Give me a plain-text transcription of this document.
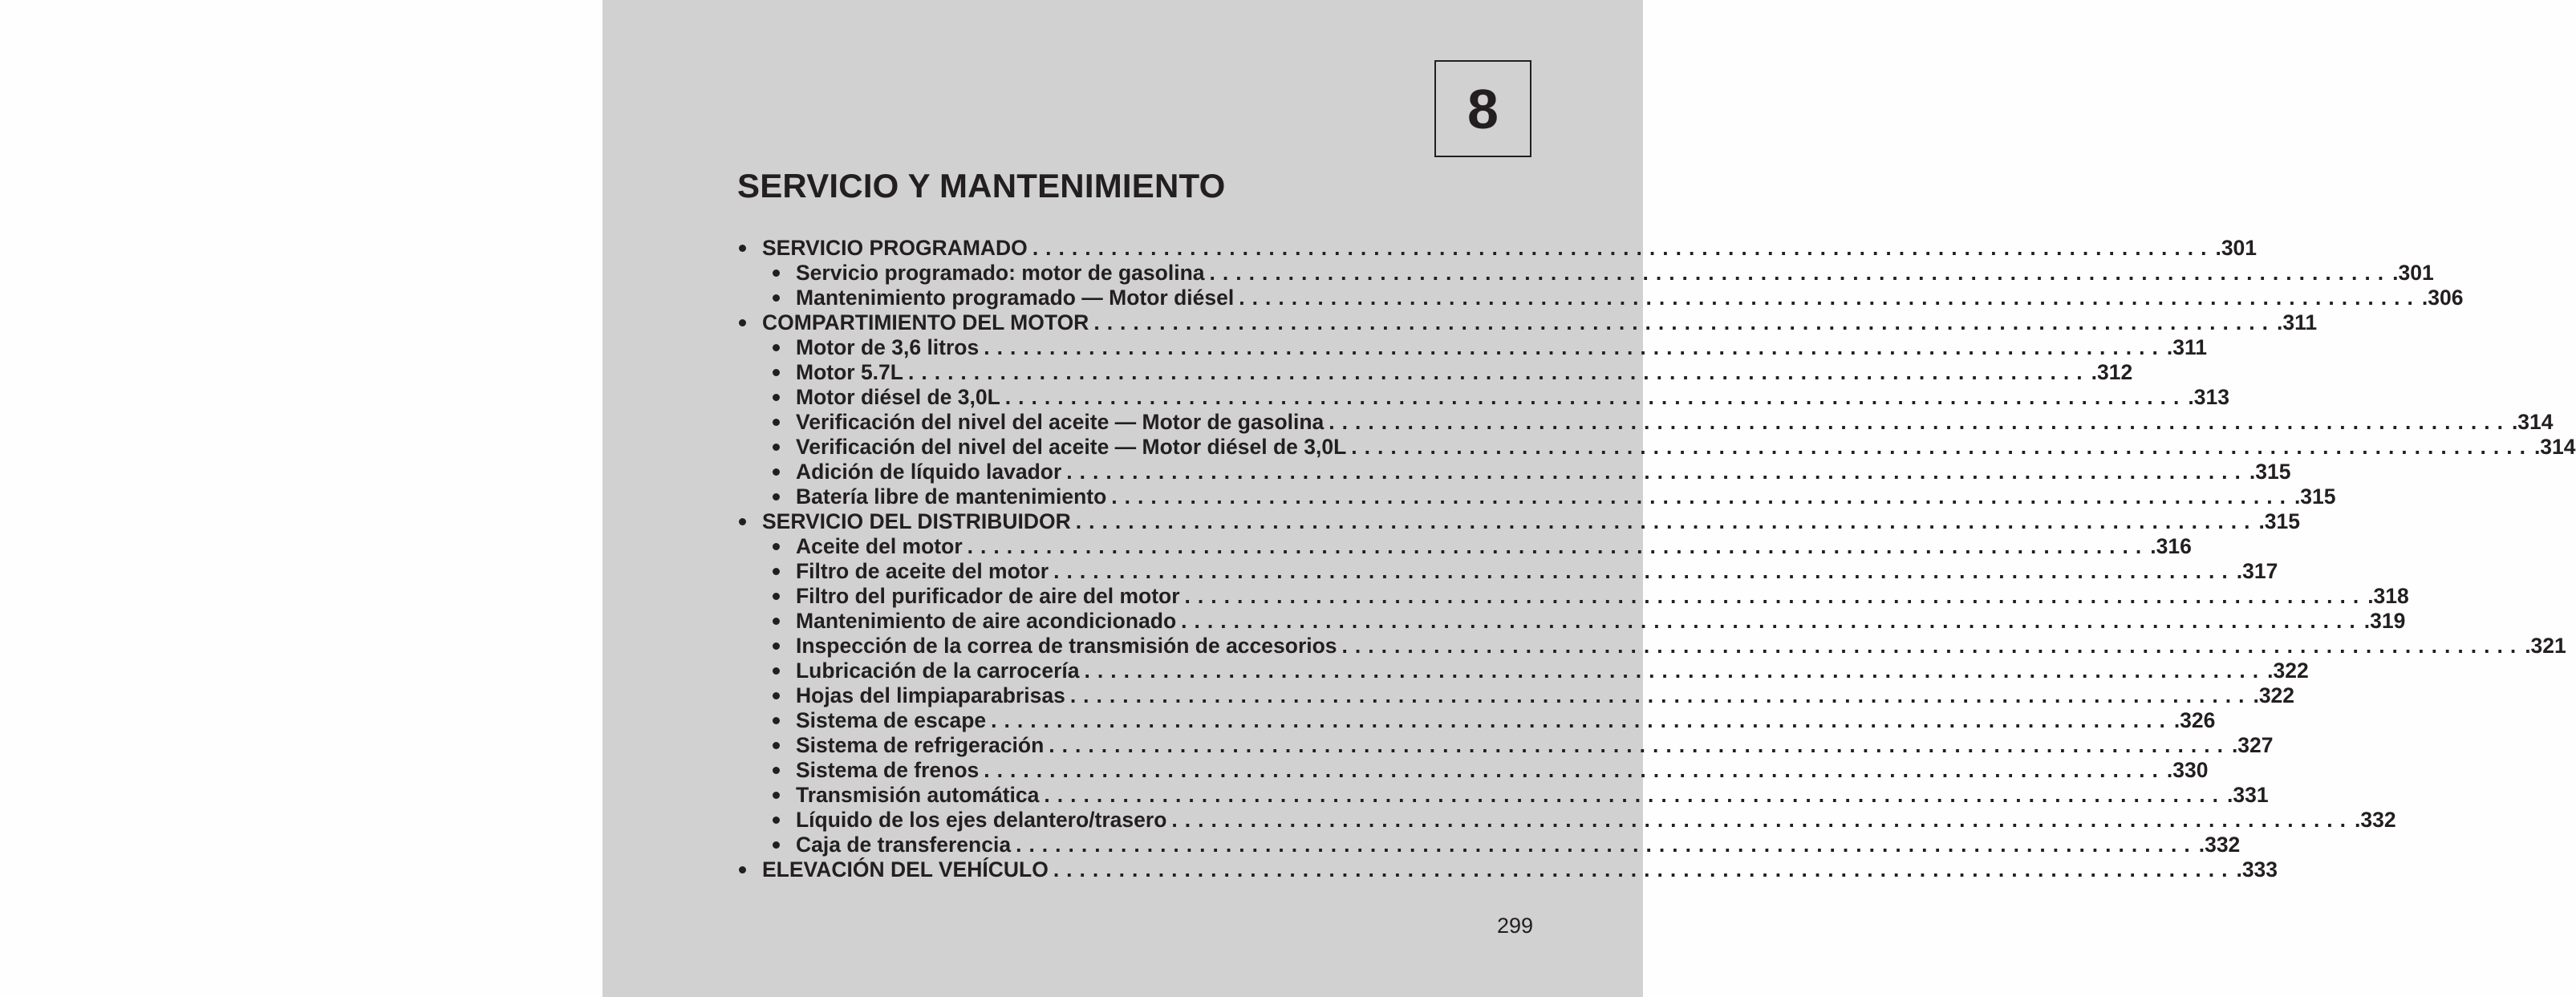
8
SERVICIO Y MANTENIMIENTO
SERVICIO PROGRAMADO .......................................................................................... .301
Servicio programado: motor de gasolina .......................................................................................... .301
Mantenimiento programado — Motor diésel .......................................................................................... .306
COMPARTIMIENTO DEL MOTOR .......................................................................................... .311
Motor de 3,6 litros .......................................................................................... .311
Motor 5.7L .......................................................................................... .312
Motor diésel de 3,0L .......................................................................................... .313
Verificación del nivel del aceite — Motor de gasolina .......................................................................................... .314
Verificación del nivel del aceite — Motor diésel de 3,0L .......................................................................................... .314
Adición de líquido lavador .......................................................................................... .315
Batería libre de mantenimiento .......................................................................................... .315
SERVICIO DEL DISTRIBUIDOR .......................................................................................... .315
Aceite del motor .......................................................................................... .316
Filtro de aceite del motor .......................................................................................... .317
Filtro del purificador de aire del motor .......................................................................................... .318
Mantenimiento de aire acondicionado .......................................................................................... .319
Inspección de la correa de transmisión de accesorios .......................................................................................... .321
Lubricación de la carrocería .......................................................................................... .322
Hojas del limpiaparabrisas .......................................................................................... .322
Sistema de escape .......................................................................................... .326
Sistema de refrigeración .......................................................................................... .327
Sistema de frenos .......................................................................................... .330
Transmisión automática .......................................................................................... .331
Líquido de los ejes delantero/trasero .......................................................................................... .332
Caja de transferencia .......................................................................................... .332
ELEVACIÓN DEL VEHÍCULO .......................................................................................... .333
299
